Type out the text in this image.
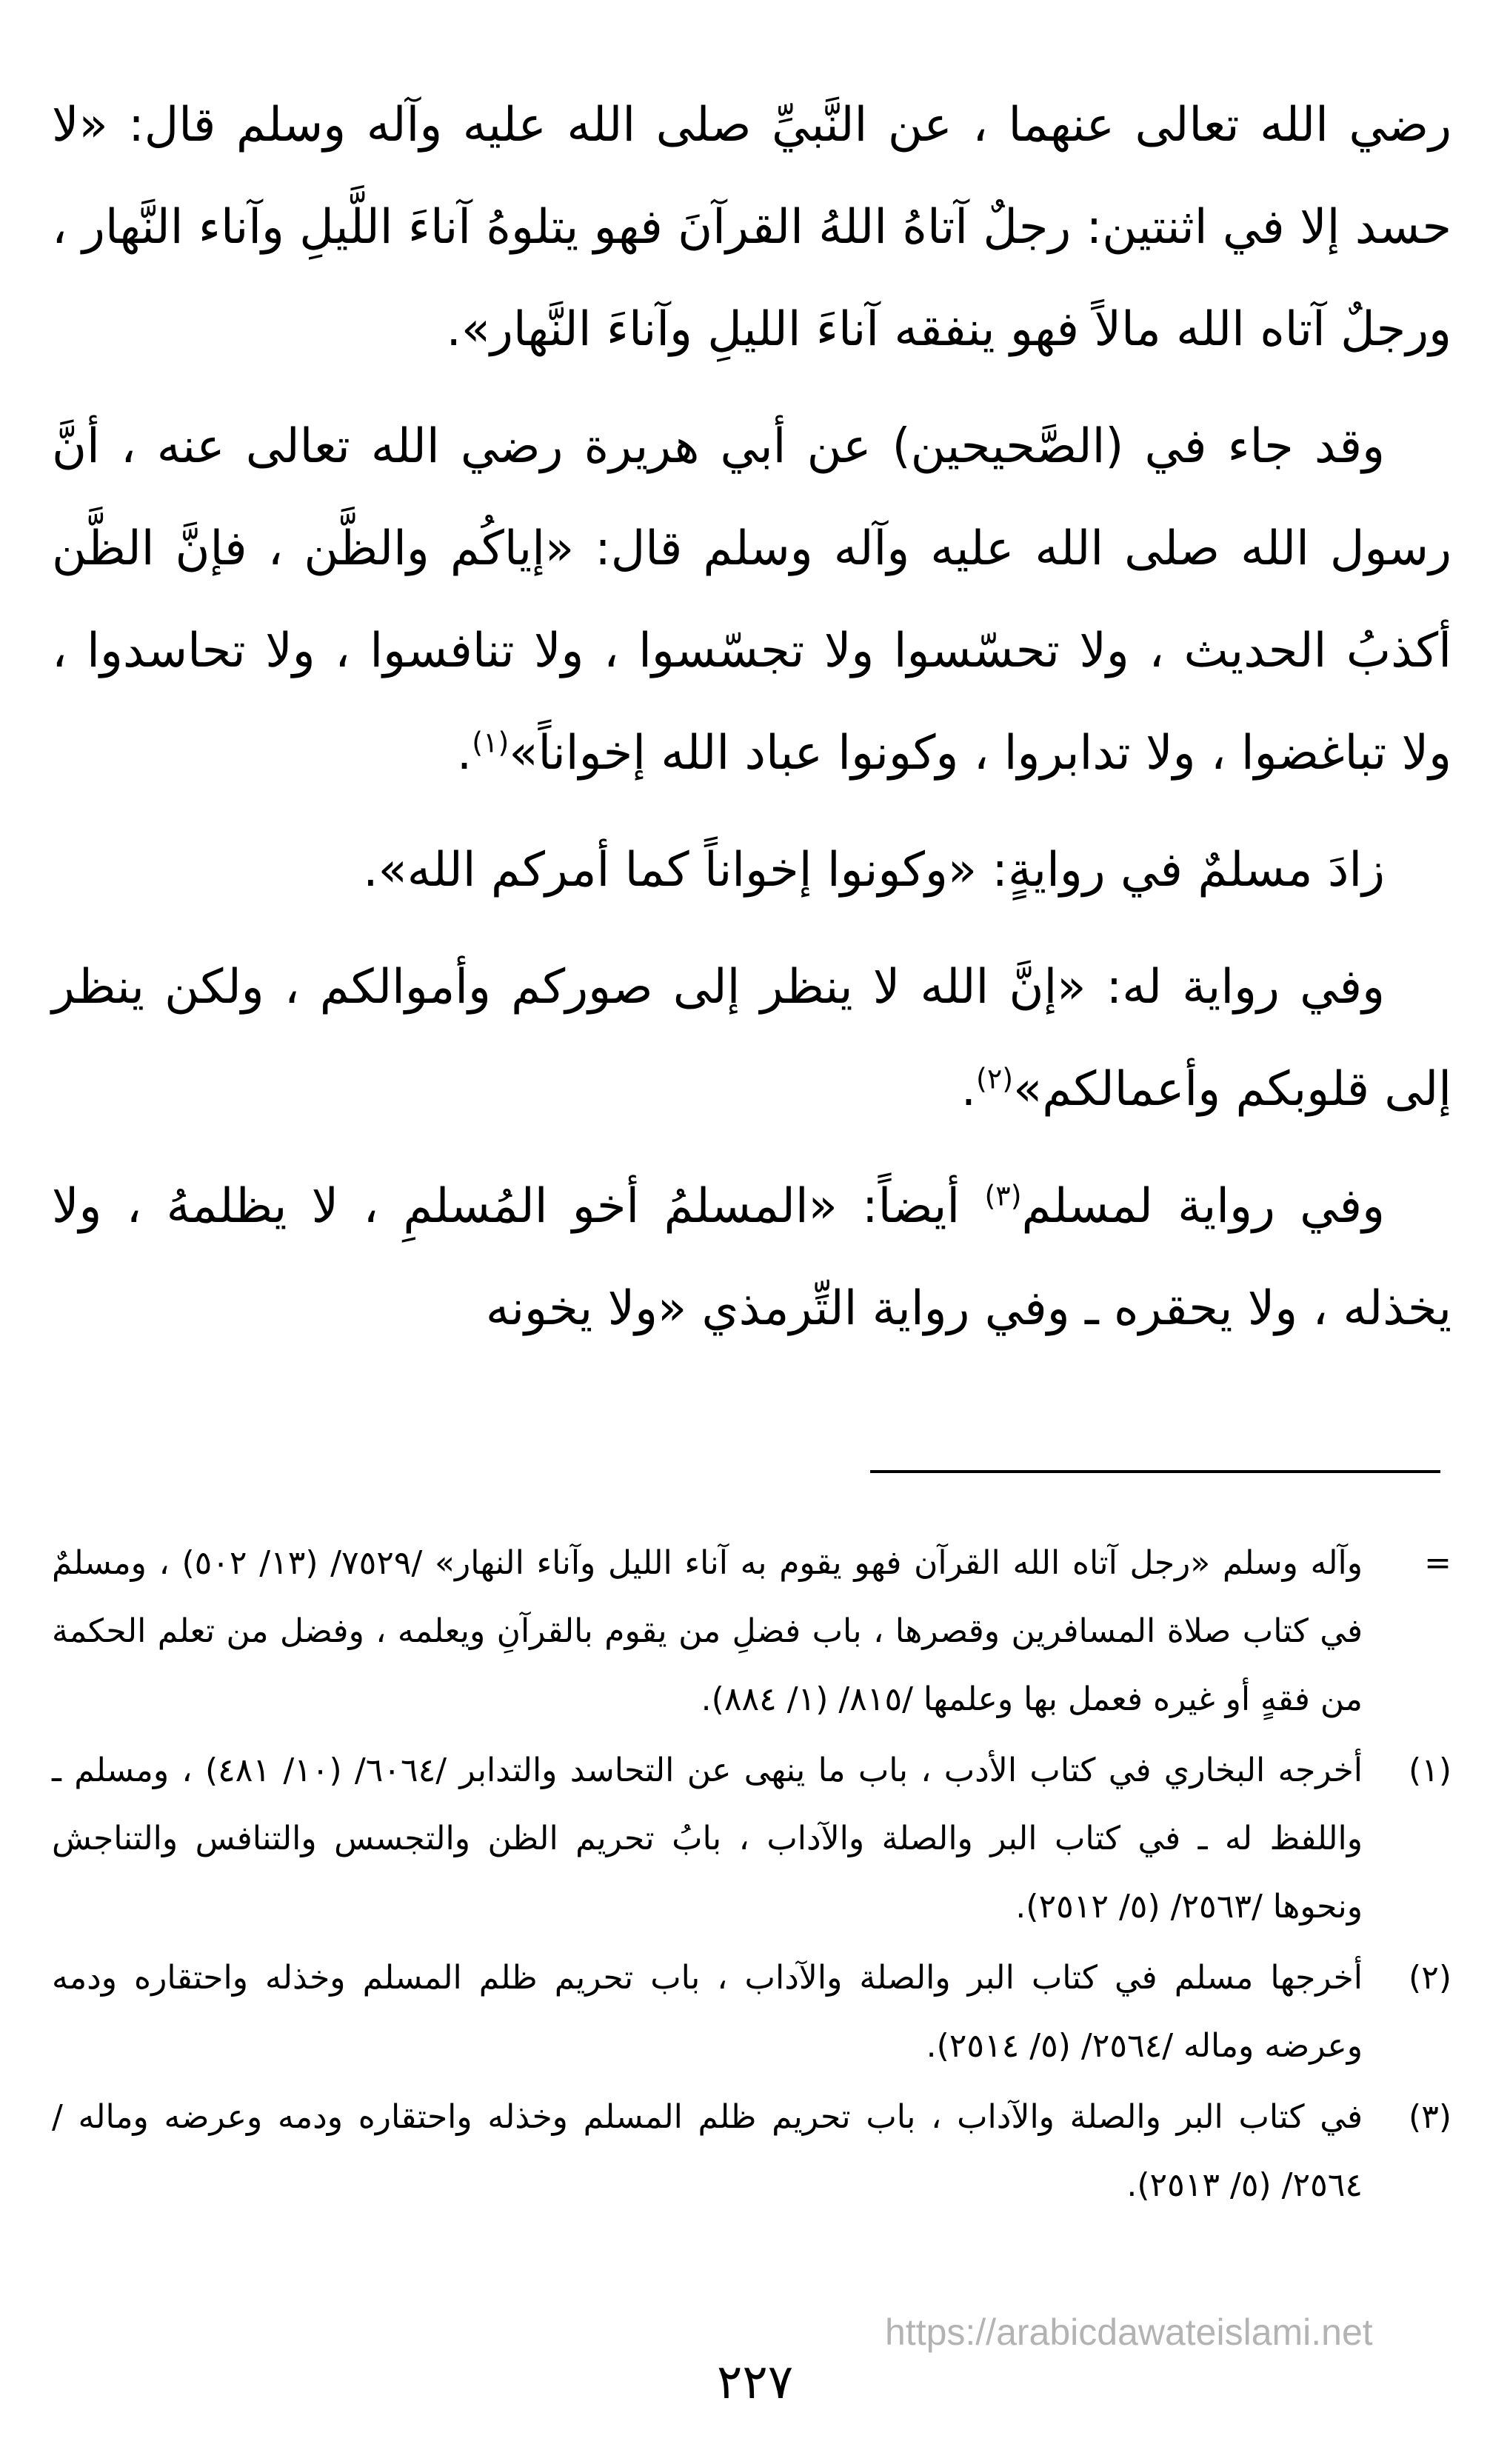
رضي الله تعالى عنهما ، عن النَّبيِّ صلى الله عليه وآله وسلم قال: «لا حسد إلا في اثنتين: رجلٌ آتاهُ اللهُ القرآنَ فهو يتلوهُ آناءَ اللَّيلِ وآناء النَّهار ، ورجلٌ آتاه الله مالاً فهو ينفقه آناءَ الليلِ وآناءَ النَّهار».

وقد جاء في (الصَّحيحين) عن أبي هريرة رضي الله تعالى عنه ، أنَّ رسول الله صلى الله عليه وآله وسلم قال: «إياكُم والظَّن ، فإنَّ الظَّن أكذبُ الحديث ، ولا تحسّسوا ولا تجسّسوا ، ولا تنافسوا ، ولا تحاسدوا ، ولا تباغضوا ، ولا تدابروا ، وكونوا عباد الله إخواناً»$^{(١)}$.

زادَ مسلمٌ في روايةٍ: «وكونوا إخواناً كما أمركم الله».

وفي رواية له: «إنَّ الله لا ينظر إلى صوركم وأموالكم ، ولكن ينظر إلى قلوبكم وأعمالكم»$^{(٢)}$.

وفي رواية لمسلم$^{(٣)}$ أيضاً: «المسلمُ أخو المُسلمِ ، لا يظلمهُ ، ولا يخذله ، ولا يحقره ـ وفي رواية التِّرمذي «ولا يخونه

=
وآله وسلم «رجل آتاه الله القرآن فهو يقوم به آناء الليل وآناء النهار» /٧٥٢٩/ (١٣/ ٥٠٢) ، ومسلمٌ في كتاب صلاة المسافرين وقصرها ، باب فضلِ من يقوم بالقرآنِ ويعلمه ، وفضل من تعلم الحكمة من فقهٍ أو غيره فعمل بها وعلمها /٨١٥/ (١/ ٨٨٤).
(١)
أخرجه البخاري في كتاب الأدب ، باب ما ينهى عن التحاسد والتدابر /٦٠٦٤/ (١٠/ ٤٨١) ، ومسلم ـ واللفظ له ـ في كتاب البر والصلة والآداب ، بابُ تحريم الظن والتجسس والتنافس والتناجش ونحوها /٢٥٦٣/ (٥/ ٢٥١٢).
(٢)
أخرجها مسلم في كتاب البر والصلة والآداب ، باب تحريم ظلم المسلم وخذله واحتقاره ودمه وعرضه وماله /٢٥٦٤/ (٥/ ٢٥١٤).
(٣)
في كتاب البر والصلة والآداب ، باب تحريم ظلم المسلم وخذله واحتقاره ودمه وعرضه وماله /٢٥٦٤/ (٥/ ٢٥١٣).
https://arabicdawateislami.net
٢٢٧
